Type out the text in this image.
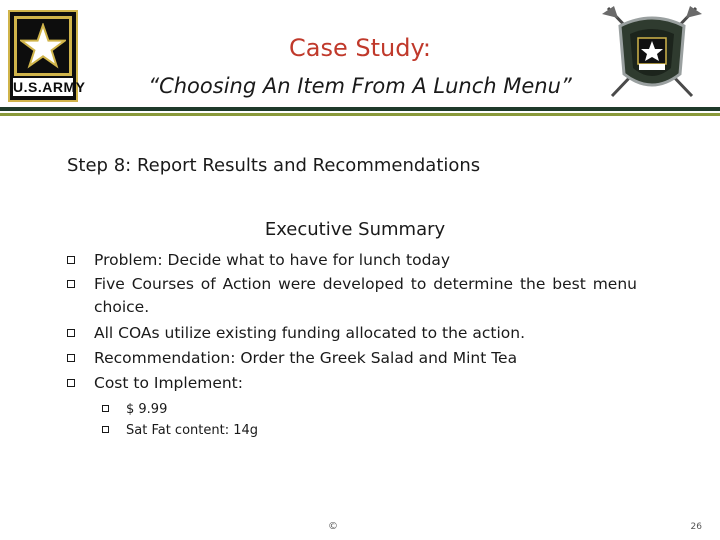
U.S.ARMY
Case Study:
“Choosing An Item From A Lunch Menu”
Step 8: Report Results and Recommendations
Executive Summary
Problem: Decide what to have for lunch today
Five Courses of Action were developed to determine the best menu choice.
All COAs utilize existing funding allocated to the action.
Recommendation: Order the Greek Salad and Mint Tea
Cost to Implement:
$ 9.99
Sat Fat content: 14g
©	26
